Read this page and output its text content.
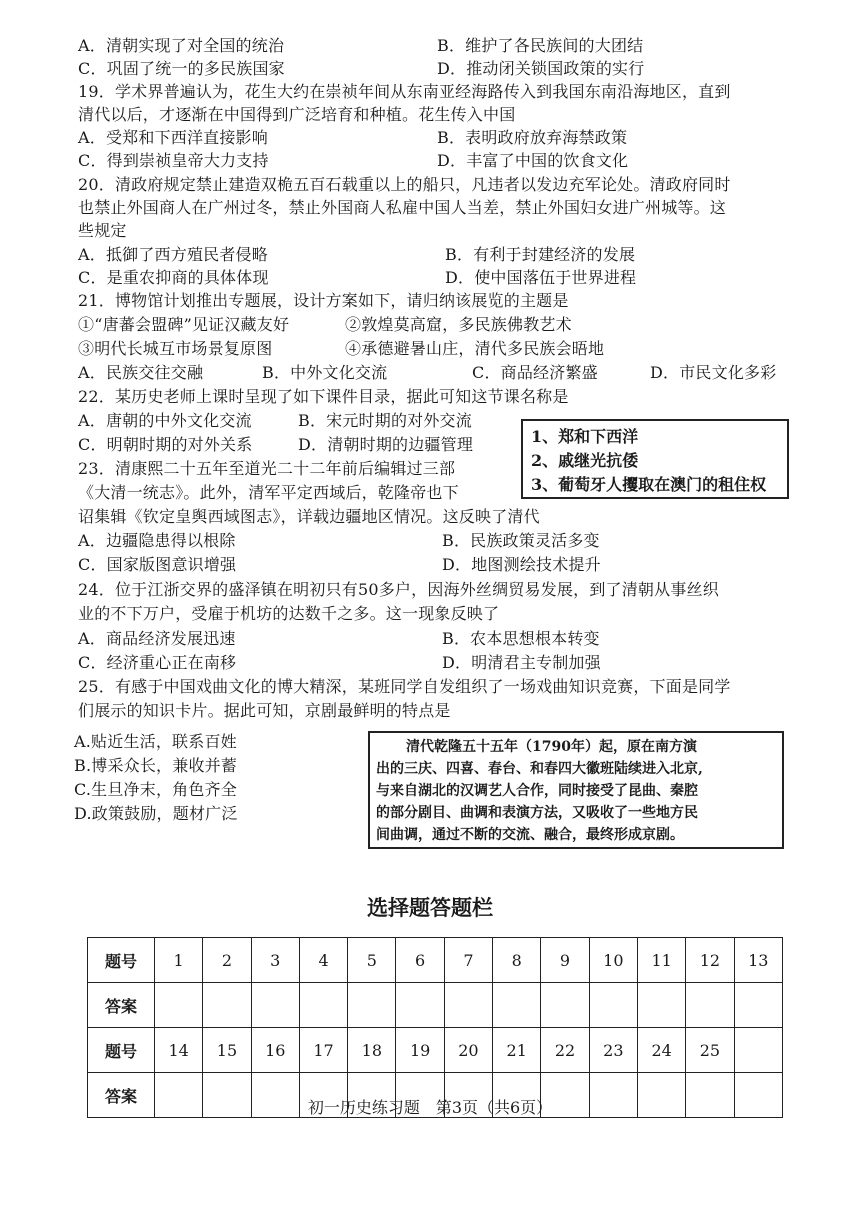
A．清朝实现了对全国的统治	B．维护了各民族间的大团结
C．巩固了统一的多民族国家	D．推动闭关锁国政策的实行
19．学术界普遍认为，花生大约在崇祯年间从东南亚经海路传入到我国东南沿海地区，直到
清代以后，才逐渐在中国得到广泛培育和种植。花生传入中国
A．受郑和下西洋直接影响	B．表明政府放弃海禁政策
C．得到崇祯皇帝大力支持	D．丰富了中国的饮食文化
20．清政府规定禁止建造双桅五百石载重以上的船只，凡违者以发边充军论处。清政府同时
也禁止外国商人在广州过冬，禁止外国商人私雇中国人当差，禁止外国妇女进广州城等。这
些规定
A．抵御了西方殖民者侵略	B．有利于封建经济的发展
C．是重农抑商的具体体现	D．使中国落伍于世界进程
21．博物馆计划推出专题展，设计方案如下，请归纳该展览的主题是
①“唐蕃会盟碑”见证汉藏友好	②敦煌莫高窟，多民族佛教艺术
③明代长城互市场景复原图	④承德避暑山庄，清代多民族会晤地
A．民族交往交融	B．中外文化交流	C．商品经济繁盛	D．市民文化多彩
22．某历史老师上课时呈现了如下课件目录，据此可知这节课名称是
A．唐朝的中外文化交流	B．宋元时期的对外交流
C．明朝时期的对外关系	D．清朝时期的边疆管理	1、郑和下西洋
2、戚继光抗倭
3、葡萄牙人攫取在澳门的租住权
23．清康熙二十五年至道光二十二年前后编辑过三部
《大清一统志》。此外，清军平定西域后，乾隆帝也下
诏集辑《钦定皇舆西域图志》，详载边疆地区情况。这反映了清代
A．边疆隐患得以根除	B．民族政策灵活多变
C．国家版图意识增强	D．地图测绘技术提升
24．位于江浙交界的盛泽镇在明初只有50多户，因海外丝绸贸易发展，到了清朝从事丝织
业的不下万户，受雇于机坊的达数千之多。这一现象反映了
A．商品经济发展迅速	B．农本思想根本转变
C．经济重心正在南移	D．明清君主专制加强
25．有感于中国戏曲文化的博大精深，某班同学自发组织了一场戏曲知识竞赛，下面是同学
们展示的知识卡片。据此可知，京剧最鲜明的特点是
A.贴近生活，联系百姓
B.博采众长，兼收并蓄
C.生旦净末，角色齐全
D.政策鼓励，题材广泛
清代乾隆五十五年（1790年）起，原在南方演
出的三庆、四喜、春台、和春四大徽班陆续进入北京,
与来自湖北的汉调艺人合作，同时接受了昆曲、秦腔
的部分剧目、曲调和表演方法，又吸收了一些地方民
间曲调，通过不断的交流、融合，最终形成京剧。
选择题答题栏
题号	1	2	3	4	5	6	7	8	9	10	11	12	13
答案													
题号	14	15	16	17	18	19	20	21	22	23	24	25	
答案													
初一历史练习题　第3页（共6页）
